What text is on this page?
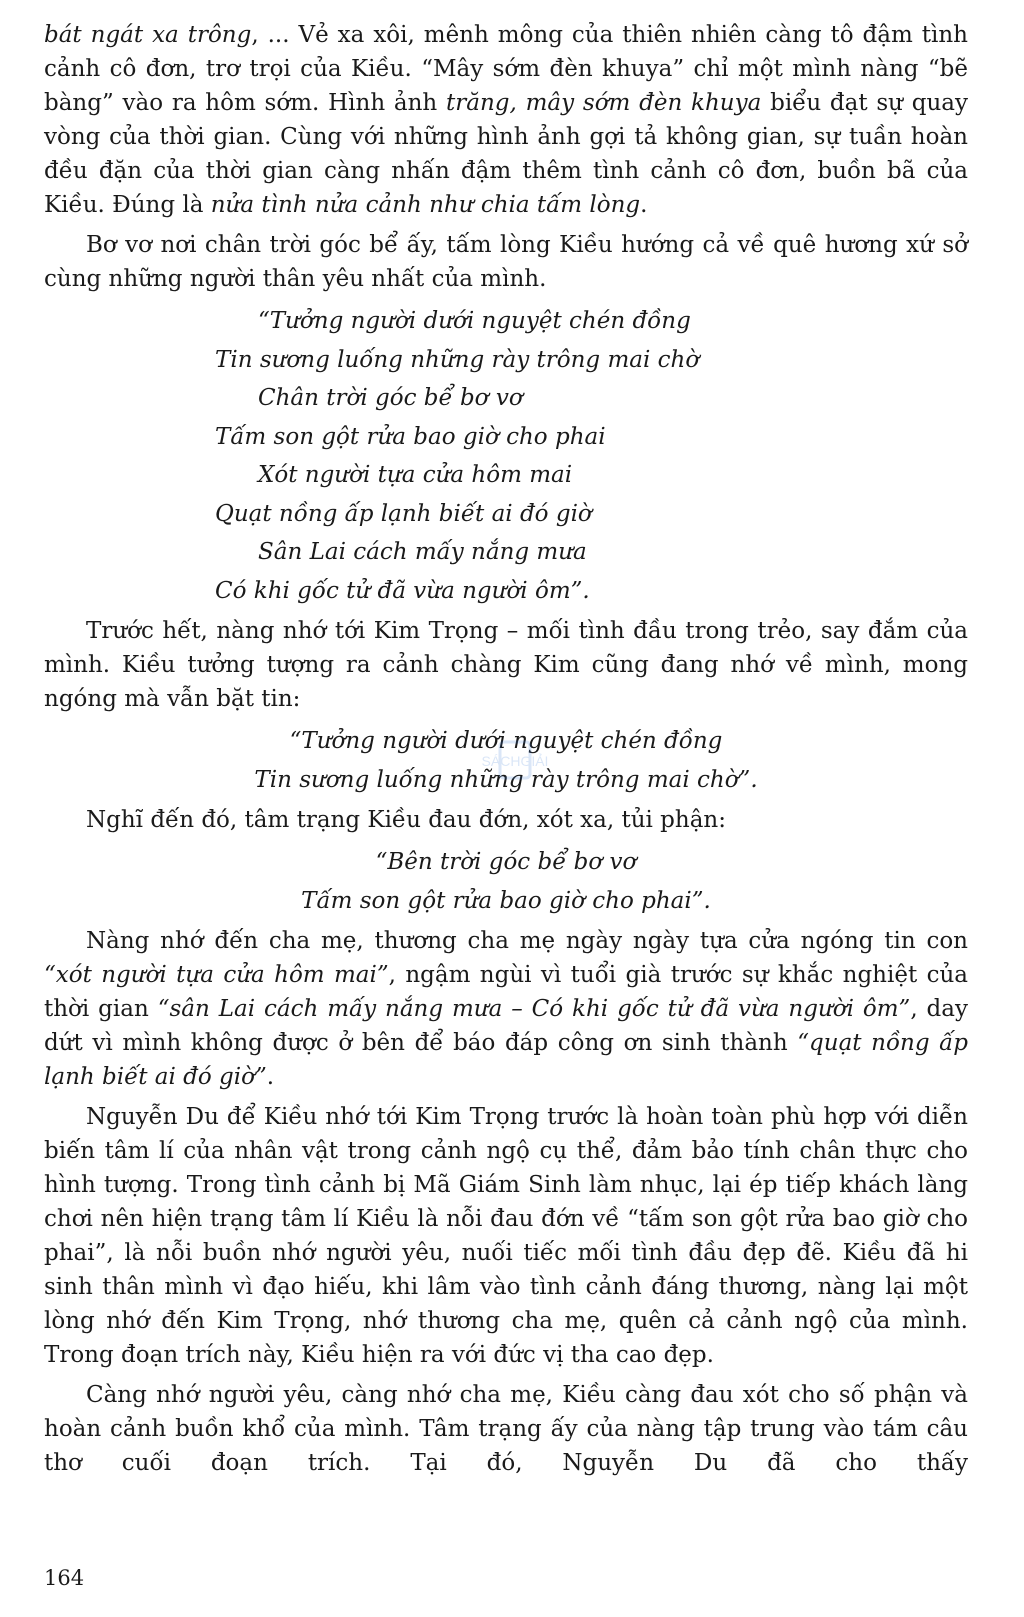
bát ngát xa trông, ... Vẻ xa xôi, mênh mông của thiên nhiên càng tô đậm tình cảnh cô đơn, trơ trọi của Kiều. “Mây sớm đèn khuya” chỉ một mình nàng “bẽ bàng” vào ra hôm sớm. Hình ảnh trăng, mây sớm đèn khuya biểu đạt sự quay vòng của thời gian. Cùng với những hình ảnh gợi tả không gian, sự tuần hoàn đều đặn của thời gian càng nhấn đậm thêm tình cảnh cô đơn, buồn bã của Kiều. Đúng là nửa tình nửa cảnh như chia tấm lòng.

Bơ vơ nơi chân trời góc bể ấy, tấm lòng Kiều hướng cả về quê hương xứ sở cùng những người thân yêu nhất của mình.

“Tưởng người dưới nguyệt chén đồng
Tin sương luống những rày trông mai chờ
Chân trời góc bể bơ vơ
Tấm son gột rửa bao giờ cho phai
Xót người tựa cửa hôm mai
Quạt nồng ấp lạnh biết ai đó giờ
Sân Lai cách mấy nắng mưa
Có khi gốc tử đã vừa người ôm”.

Trước hết, nàng nhớ tới Kim Trọng – mối tình đầu trong trẻo, say đắm của mình. Kiều tưởng tượng ra cảnh chàng Kim cũng đang nhớ về mình, mong ngóng mà vẫn bặt tin:

“Tưởng người dưới nguyệt chén đồng
Tin sương luống những rày trông mai chờ”.

Nghĩ đến đó, tâm trạng Kiều đau đớn, xót xa, tủi phận:

“Bên trời góc bể bơ vơ
Tấm son gột rửa bao giờ cho phai”.

Nàng nhớ đến cha mẹ, thương cha mẹ ngày ngày tựa cửa ngóng tin con “xót người tựa cửa hôm mai”, ngậm ngùi vì tuổi già trước sự khắc nghiệt của thời gian “sân Lai cách mấy nắng mưa – Có khi gốc tử đã vừa người ôm”, day dứt vì mình không được ở bên để báo đáp công ơn sinh thành “quạt nồng ấp lạnh biết ai đó giờ”.

Nguyễn Du để Kiều nhớ tới Kim Trọng trước là hoàn toàn phù hợp với diễn biến tâm lí của nhân vật trong cảnh ngộ cụ thể, đảm bảo tính chân thực cho hình tượng. Trong tình cảnh bị Mã Giám Sinh làm nhục, lại ép tiếp khách làng chơi nên hiện trạng tâm lí Kiều là nỗi đau đớn về “tấm son gột rửa bao giờ cho phai”, là nỗi buồn nhớ người yêu, nuối tiếc mối tình đầu đẹp đẽ. Kiều đã hi sinh thân mình vì đạo hiếu, khi lâm vào tình cảnh đáng thương, nàng lại một lòng nhớ đến Kim Trọng, nhớ thương cha mẹ, quên cả cảnh ngộ của mình. Trong đoạn trích này, Kiều hiện ra với đức vị tha cao đẹp.

Càng nhớ người yêu, càng nhớ cha mẹ, Kiều càng đau xót cho số phận và hoàn cảnh buồn khổ của mình. Tâm trạng ấy của nàng tập trung vào tám câu thơ cuối đoạn trích. Tại đó, Nguyễn Du đã cho thấy

164
SÁCHGIẢI
